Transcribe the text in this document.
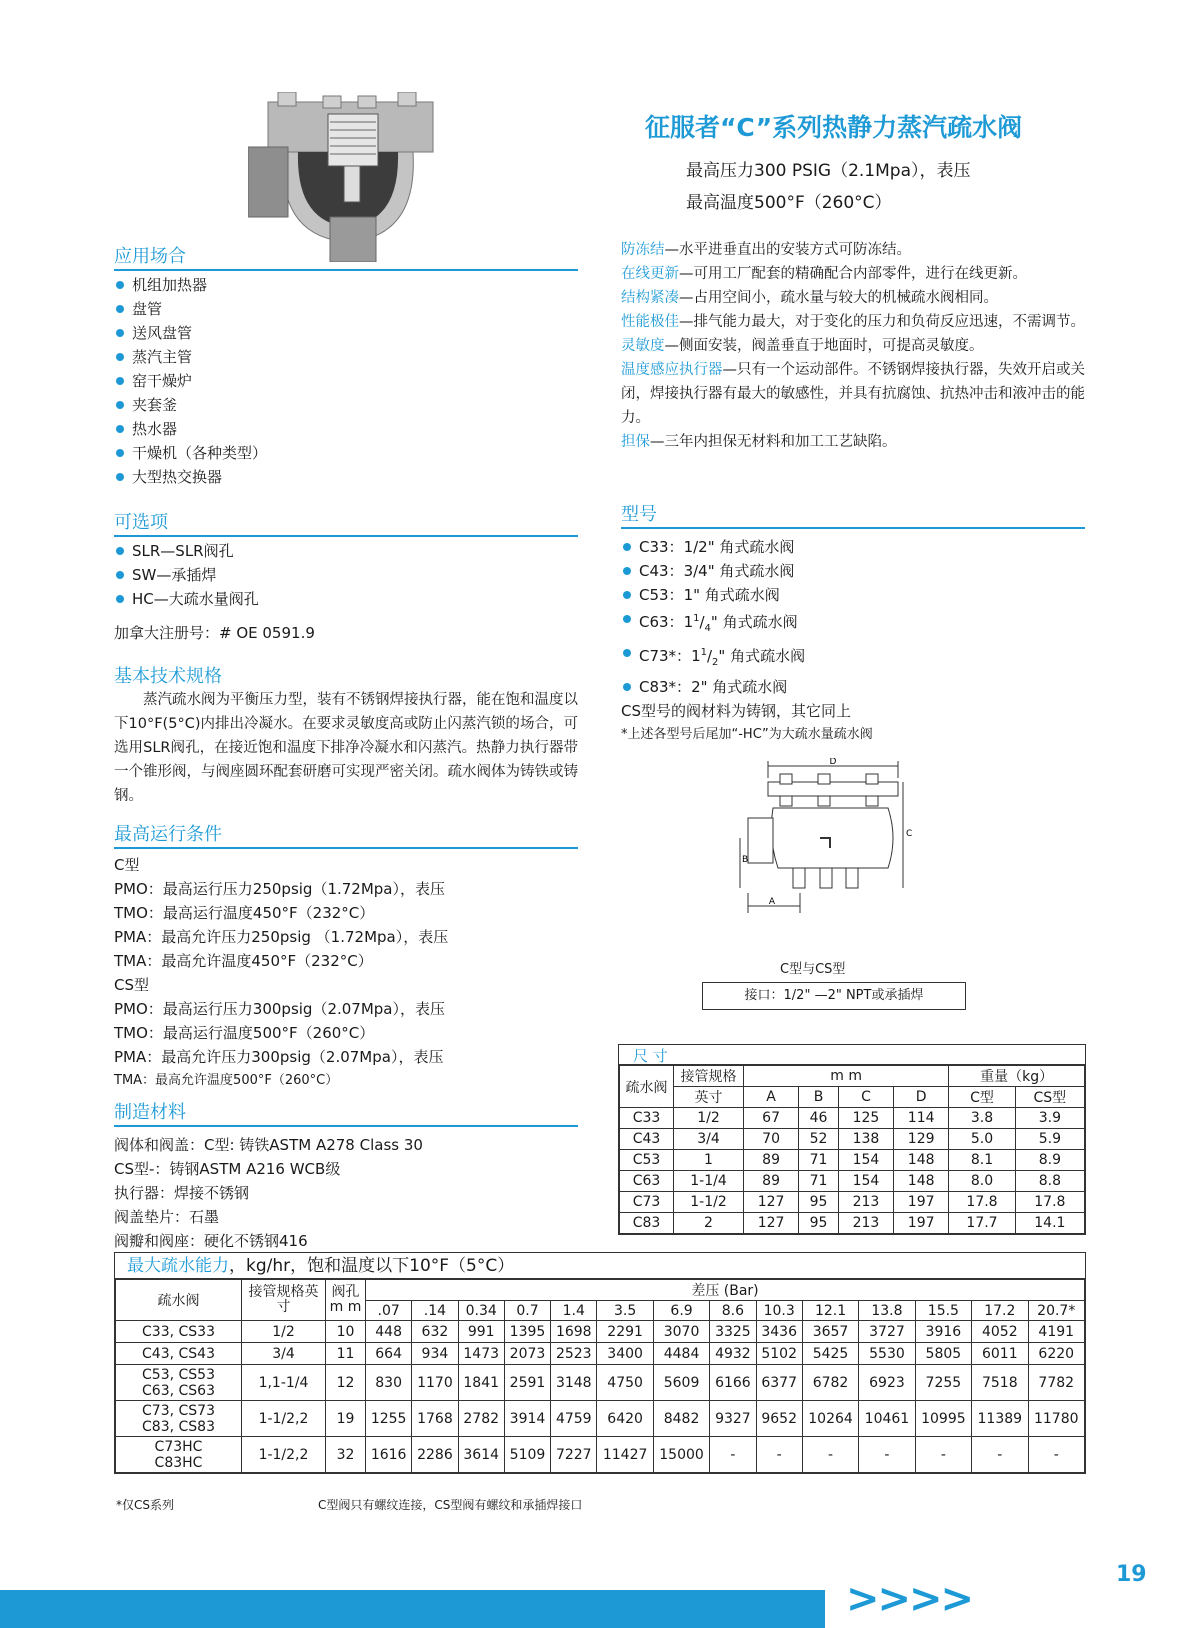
征服者“C”系列热静力蒸汽疏水阀
最高压力300 PSIG（2.1Mpa），表压
最高温度500°F（260°C）
应用场合
机组加热器
盘管
送风盘管
蒸汽主管
窑干燥炉
夹套釜
热水器
干燥机（各种类型）
大型热交换器
可选项
SLR—SLR阀孔
SW—承插焊
HC—大疏水量阀孔
加拿大注册号：# OE 0591.9
基本技术规格
蒸汽疏水阀为平衡压力型，装有不锈钢焊接执行器，能在饱和温度以下10°F(5°C)内排出冷凝水。在要求灵敏度高或防止闪蒸汽锁的场合，可选用SLR阀孔，在接近饱和温度下排净冷凝水和闪蒸汽。热静力执行器带一个锥形阀，与阀座圆环配套研磨可实现严密关闭。疏水阀体为铸铁或铸钢。
最高运行条件
C型
PMO：最高运行压力250psig（1.72Mpa），表压
TMO：最高运行温度450°F（232°C）
PMA：最高允许压力250psig （1.72Mpa），表压
TMA：最高允许温度450°F（232°C）
CS型
PMO：最高运行压力300psig（2.07Mpa），表压
TMO：最高运行温度500°F（260°C）
PMA：最高允许压力300psig（2.07Mpa），表压
TMA：最高允许温度500°F（260°C）
制造材料
阀体和阀盖：C型: 铸铁ASTM A278 Class 30
CS型-：铸钢ASTM A216 WCB级
执行器：焊接不锈钢
阀盖垫片：石墨
阀瓣和阀座：硬化不锈钢416
防冻结—水平进垂直出的安装方式可防冻结。
在线更新—可用工厂配套的精确配合内部零件，进行在线更新。
结构紧凑—占用空间小，疏水量与较大的机械疏水阀相同。
性能极佳—排气能力最大，对于变化的压力和负荷反应迅速，不需调节。
灵敏度—侧面安装，阀盖垂直于地面时，可提高灵敏度。
温度感应执行器—只有一个运动部件。不锈钢焊接执行器，失效开启或关闭，焊接执行器有最大的敏感性，并具有抗腐蚀、抗热冲击和液冲击的能力。
担保—三年内担保无材料和加工工艺缺陷。
型号
C33：1/2" 角式疏水阀
C43：3/4" 角式疏水阀
C53：1" 角式疏水阀
C63：$1^1/_4$" 角式疏水阀
C73*：$1^1/_2$" 角式疏水阀
C83*：2" 角式疏水阀
CS型号的阀材料为铸钢，其它同上
*上述各型号后尾加“-HC”为大疏水量疏水阀
D
C
B
A
C型与CS型
接口：1/2" —2" NPT或承插焊
尺 寸
疏水阀	接管规格	m m				重量（kg）	
	英寸	A	B	C	D	C型	CS型
C33	1/2	67	46	125	114	3.8	3.9
C43	3/4	70	52	138	129	5.0	5.9
C53	1	89	71	154	148	8.1	8.9
C63	1-1/4	89	71	154	148	8.0	8.8
C73	1-1/2	127	95	213	197	17.8	17.8
C83	2	127	95	213	197	17.7	14.1
最大疏水能力，kg/hr，饱和温度以下10°F（5°C）
疏水阀	接管规格英寸	阀孔m m	差压 (Bar)													
			.07	.14	0.34	0.7	1.4	3.5	6.9	8.6	10.3	12.1	13.8	15.5	17.2	20.7*

C33, CS33	1/2	10	448	632	991	1395	1698	2291	3070	3325	3436	3657	3727	3916	4052	4191

C43, CS43	3/4	11	664	934	1473	2073	2523	3400	4484	4932	5102	5425	5530	5805	6011	6220

C53, CS53
C63, CS63	1,1-1/4	12	830	1170	1841	2591	3148	4750	5609	6166	6377	6782	6923	7255	7518	7782

C73, CS73
C83, CS83	1-1/2,2	19	1255	1768	2782	3914	4759	6420	8482	9327	9652	10264	10461	10995	11389	11780

C73HC
C83HC	1-1/2,2	32	1616	2286	3614	5109	7227	11427	15000	-	-	-	-	-	-	-
*仅CS系列	C型阀只有螺纹连接，CS型阀有螺纹和承插焊接口
>>>>
19
